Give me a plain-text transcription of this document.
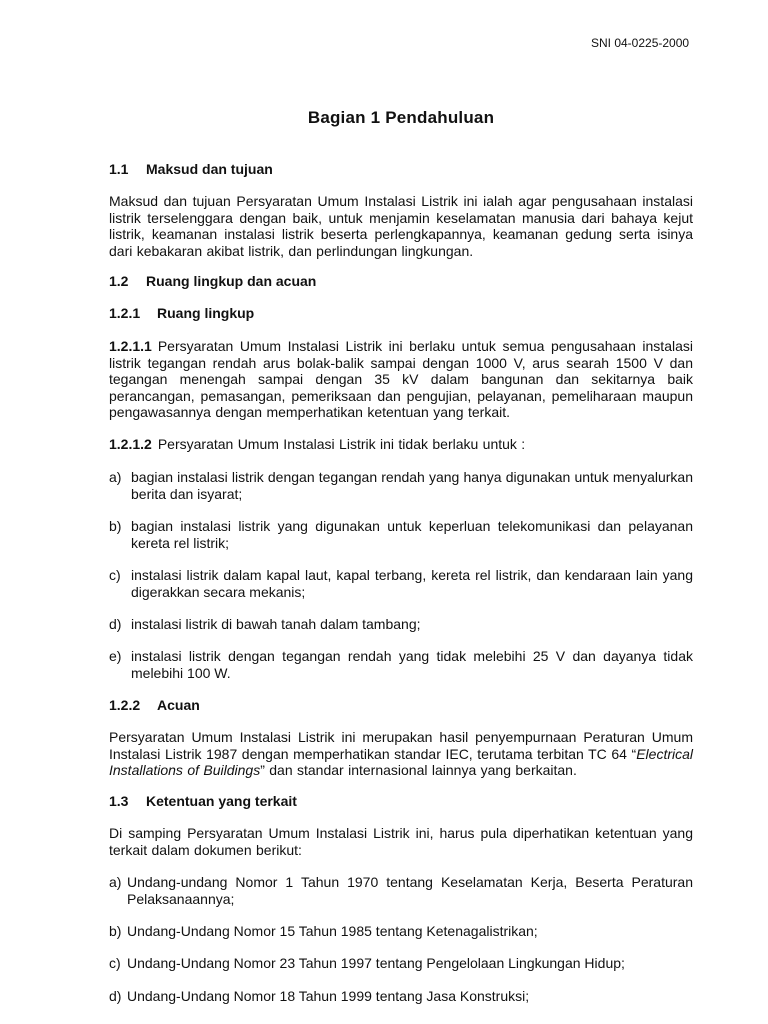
SNI 04-0225-2000
Bagian 1 Pendahuluan
1.1 Maksud dan tujuan

Maksud dan tujuan Persyaratan Umum Instalasi Listrik ini ialah agar pengusahaan instalasi listrik terselenggara dengan baik, untuk menjamin keselamatan manusia dari bahaya kejut listrik, keamanan instalasi listrik beserta perlengkapannya, keamanan gedung serta isinya dari kebakaran akibat listrik, dan perlindungan lingkungan.

1.2 Ruang lingkup dan acuan
1.2.1 Ruang lingkup

1.2.1.1 Persyaratan Umum Instalasi Listrik ini berlaku untuk semua pengusahaan instalasi listrik tegangan rendah arus bolak-balik sampai dengan 1000 V, arus searah 1500 V dan tegangan menengah sampai dengan 35 kV dalam bangunan dan sekitarnya baik perancangan, pemasangan, pemeriksaan dan pengujian, pelayanan, pemeliharaan maupun pengawasannya dengan memperhatikan ketentuan yang terkait.

1.2.1.2 Persyaratan Umum Instalasi Listrik ini tidak berlaku untuk :

a) bagian instalasi listrik dengan tegangan rendah yang hanya digunakan untuk menyalurkan berita dan isyarat;
b) bagian instalasi listrik yang digunakan untuk keperluan telekomunikasi dan pelayanan kereta rel listrik;
c) instalasi listrik dalam kapal laut, kapal terbang, kereta rel listrik, dan kendaraan lain yang digerakkan secara mekanis;
d) instalasi listrik di bawah tanah dalam tambang;
e) instalasi listrik dengan tegangan rendah yang tidak melebihi 25 V dan dayanya tidak melebihi 100 W.
1.2.2 Acuan

Persyaratan Umum Instalasi Listrik ini merupakan hasil penyempurnaan Peraturan Umum Instalasi Listrik 1987 dengan memperhatikan standar IEC, terutama terbitan TC 64 “Electrical Installations of Buildings” dan standar internasional lainnya yang berkaitan.

1.3 Ketentuan yang terkait

Di samping Persyaratan Umum Instalasi Listrik ini, harus pula diperhatikan ketentuan yang terkait dalam dokumen berikut:

a) Undang-undang Nomor 1 Tahun 1970 tentang Keselamatan Kerja, Beserta Peraturan Pelaksanaannya;
b) Undang-Undang Nomor 15 Tahun 1985 tentang Ketenagalistrikan;
c) Undang-Undang Nomor 23 Tahun 1997 tentang Pengelolaan Lingkungan Hidup;
d) Undang-Undang Nomor 18 Tahun 1999 tentang Jasa Konstruksi;
